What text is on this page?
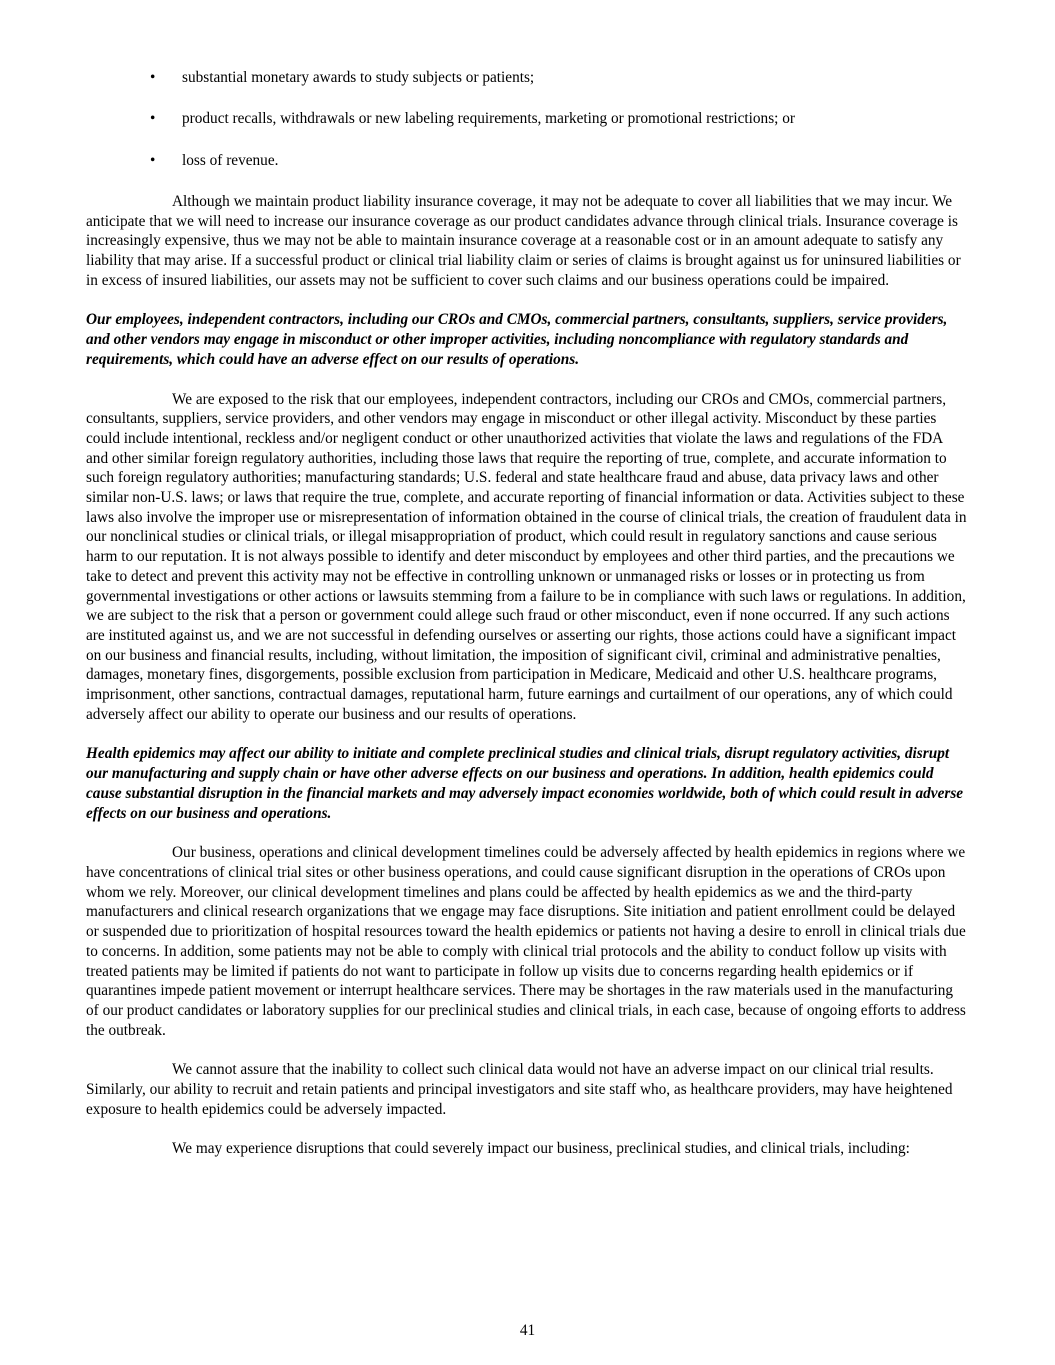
• substantial monetary awards to study subjects or patients;
• product recalls, withdrawals or new labeling requirements, marketing or promotional restrictions; or
• loss of revenue.

Although we maintain product liability insurance coverage, it may not be adequate to cover all liabilities that we may incur. We anticipate that we will need to increase our insurance coverage as our product candidates advance through clinical trials. Insurance coverage is increasingly expensive, thus we may not be able to maintain insurance coverage at a reasonable cost or in an amount adequate to satisfy any liability that may arise. If a successful product or clinical trial liability claim or series of claims is brought against us for uninsured liabilities or in excess of insured liabilities, our assets may not be sufficient to cover such claims and our business operations could be impaired.

Our employees, independent contractors, including our CROs and CMOs, commercial partners, consultants, suppliers, service providers, and other vendors may engage in misconduct or other improper activities, including noncompliance with regulatory standards and requirements, which could have an adverse effect on our results of operations.

We are exposed to the risk that our employees, independent contractors, including our CROs and CMOs, commercial partners, consultants, suppliers, service providers, and other vendors may engage in misconduct or other illegal activity. Misconduct by these parties could include intentional, reckless and/or negligent conduct or other unauthorized activities that violate the laws and regulations of the FDA and other similar foreign regulatory authorities, including those laws that require the reporting of true, complete, and accurate information to such foreign regulatory authorities; manufacturing standards; U.S. federal and state healthcare fraud and abuse, data privacy laws and other similar non-U.S. laws; or laws that require the true, complete, and accurate reporting of financial information or data. Activities subject to these laws also involve the improper use or misrepresentation of information obtained in the course of clinical trials, the creation of fraudulent data in our nonclinical studies or clinical trials, or illegal misappropriation of product, which could result in regulatory sanctions and cause serious harm to our reputation. It is not always possible to identify and deter misconduct by employees and other third parties, and the precautions we take to detect and prevent this activity may not be effective in controlling unknown or unmanaged risks or losses or in protecting us from governmental investigations or other actions or lawsuits stemming from a failure to be in compliance with such laws or regulations. In addition, we are subject to the risk that a person or government could allege such fraud or other misconduct, even if none occurred. If any such actions are instituted against us, and we are not successful in defending ourselves or asserting our rights, those actions could have a significant impact on our business and financial results, including, without limitation, the imposition of significant civil, criminal and administrative penalties, damages, monetary fines, disgorgements, possible exclusion from participation in Medicare, Medicaid and other U.S. healthcare programs, imprisonment, other sanctions, contractual damages, reputational harm, future earnings and curtailment of our operations, any of which could adversely affect our ability to operate our business and our results of operations.

Health epidemics may affect our ability to initiate and complete preclinical studies and clinical trials, disrupt regulatory activities, disrupt our manufacturing and supply chain or have other adverse effects on our business and operations. In addition, health epidemics could cause substantial disruption in the financial markets and may adversely impact economies worldwide, both of which could result in adverse effects on our business and operations.

Our business, operations and clinical development timelines could be adversely affected by health epidemics in regions where we have concentrations of clinical trial sites or other business operations, and could cause significant disruption in the operations of CROs upon whom we rely. Moreover, our clinical development timelines and plans could be affected by health epidemics as we and the third-party manufacturers and clinical research organizations that we engage may face disruptions. Site initiation and patient enrollment could be delayed or suspended due to prioritization of hospital resources toward the health epidemics or patients not having a desire to enroll in clinical trials due to concerns. In addition, some patients may not be able to comply with clinical trial protocols and the ability to conduct follow up visits with treated patients may be limited if patients do not want to participate in follow up visits due to concerns regarding health epidemics or if quarantines impede patient movement or interrupt healthcare services. There may be shortages in the raw materials used in the manufacturing of our product candidates or laboratory supplies for our preclinical studies and clinical trials, in each case, because of ongoing efforts to address the outbreak.

We cannot assure that the inability to collect such clinical data would not have an adverse impact on our clinical trial results. Similarly, our ability to recruit and retain patients and principal investigators and site staff who, as healthcare providers, may have heightened exposure to health epidemics could be adversely impacted.

We may experience disruptions that could severely impact our business, preclinical studies, and clinical trials, including:

41
